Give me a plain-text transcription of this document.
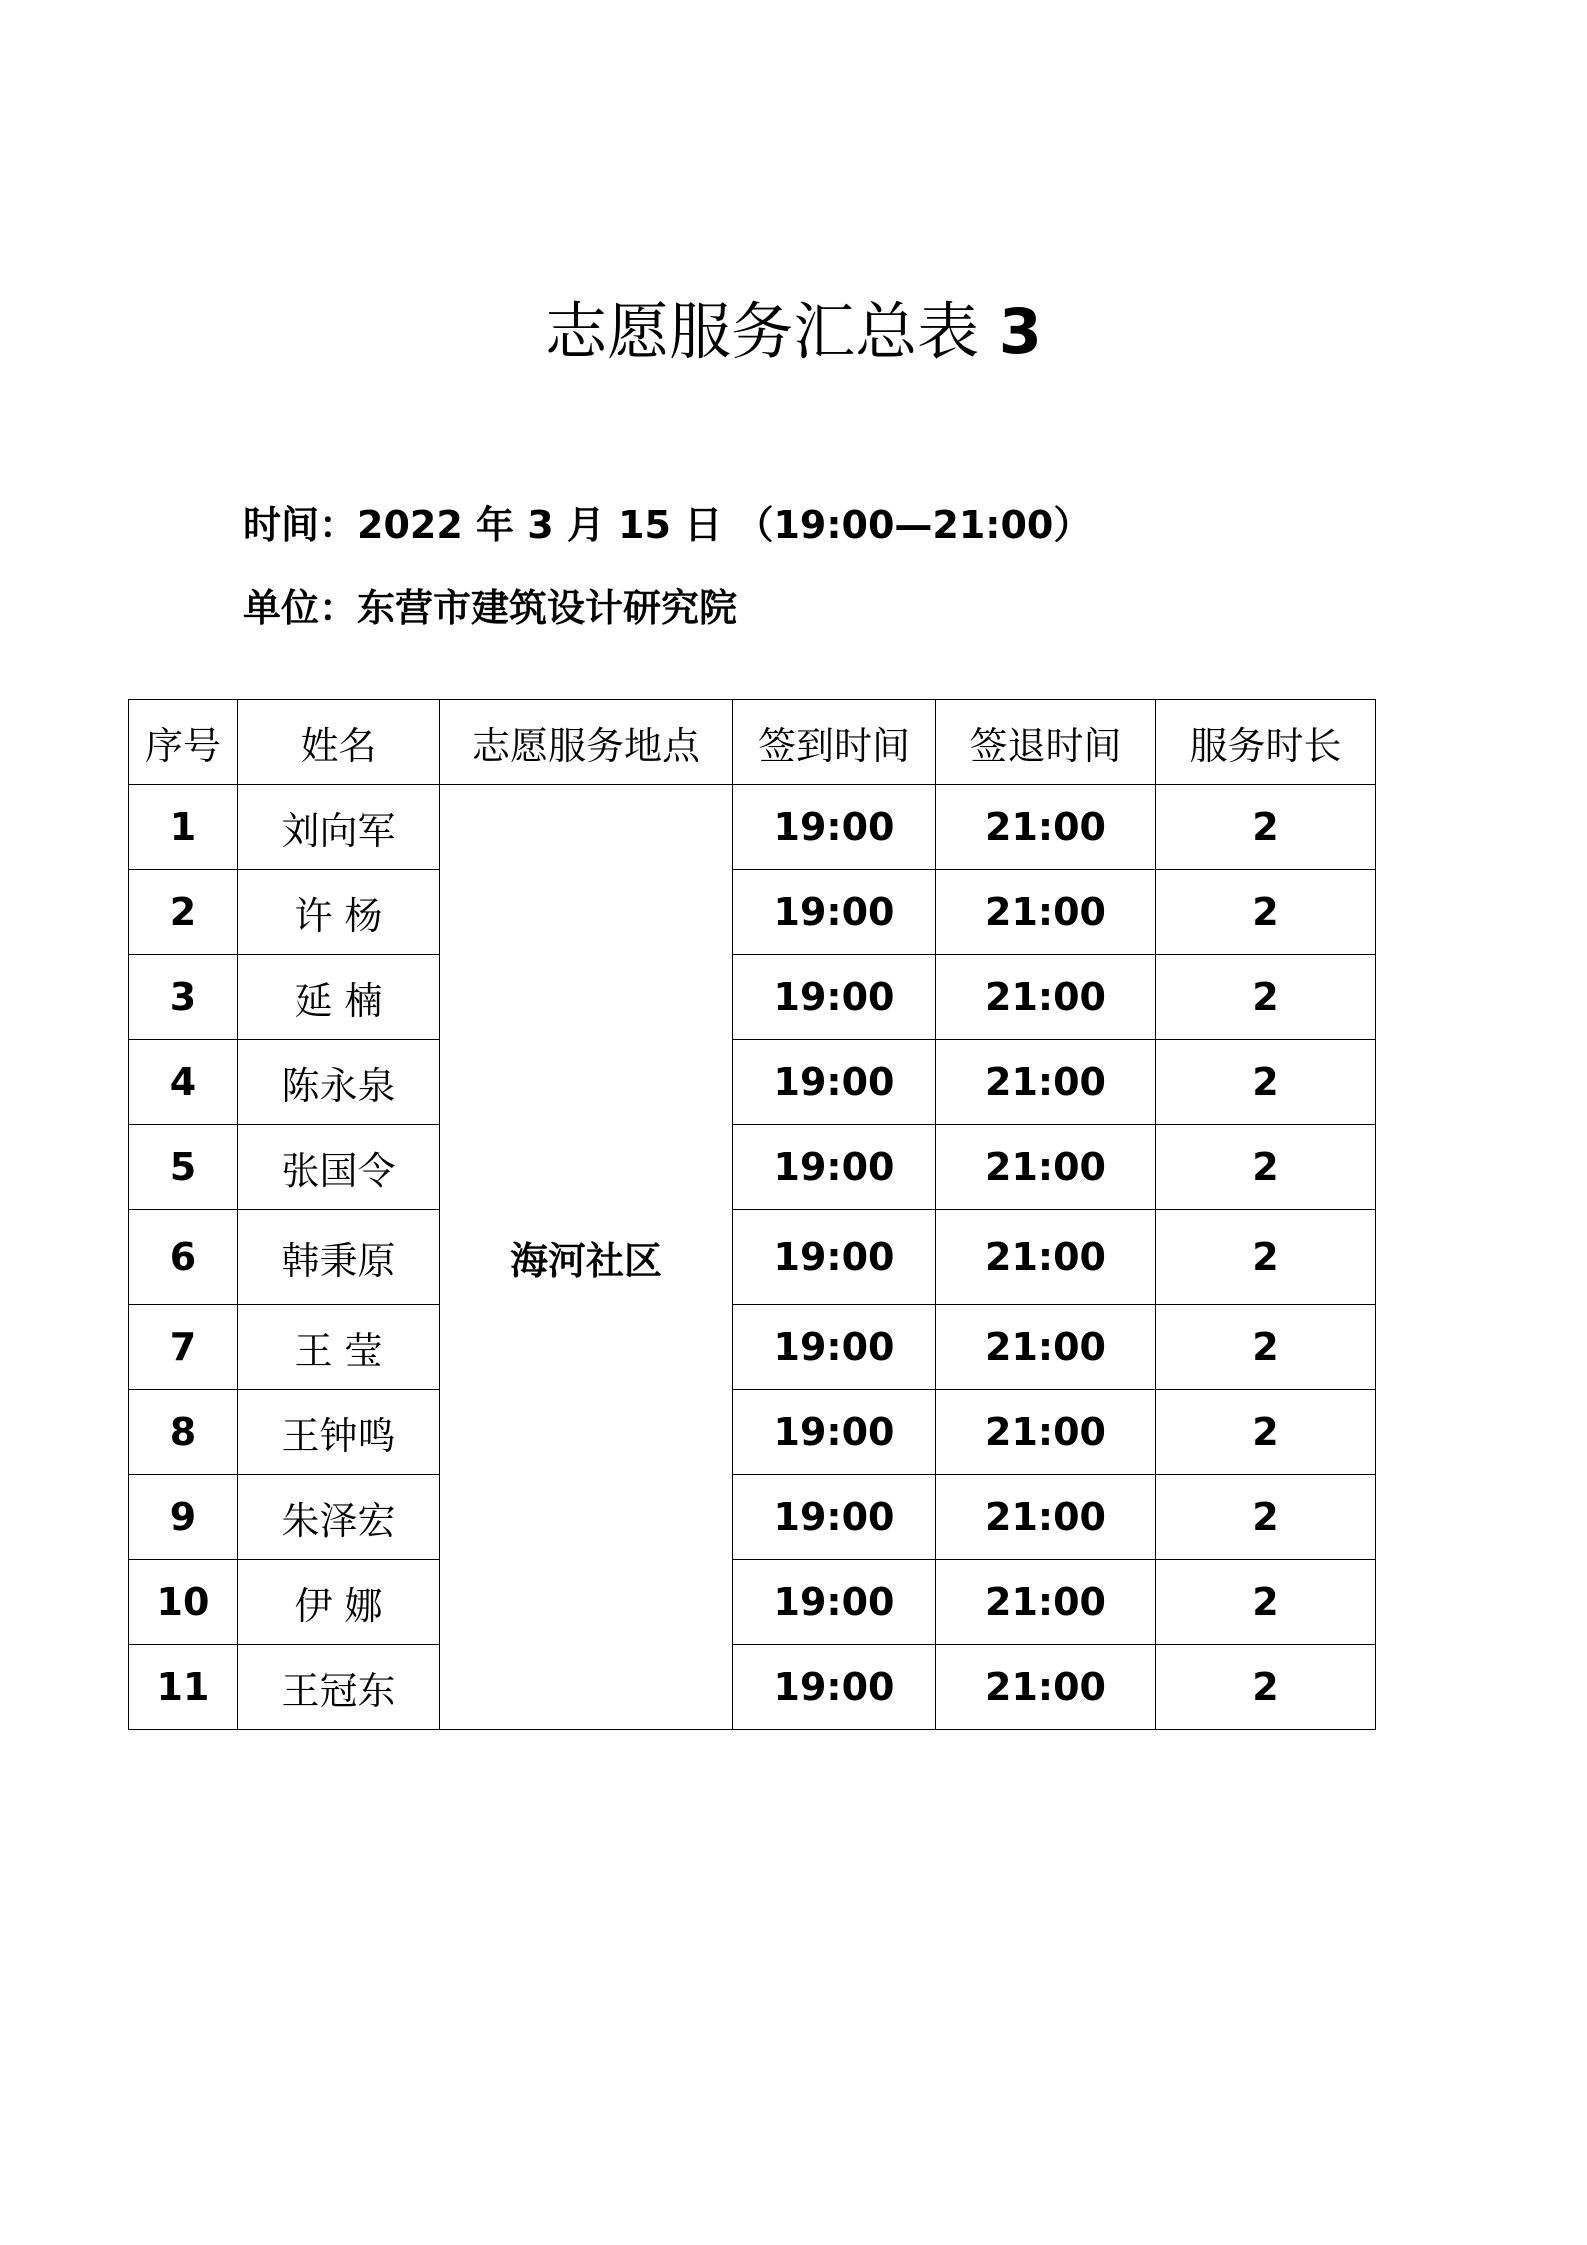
志愿服务汇总表 3
时间：2022 年 3 月 15 日 （19:00—21:00）
单位：东营市建筑设计研究院
序号	姓名	志愿服务地点	签到时间	签退时间	服务时长
1	刘向军	海河社区	19:00	21:00	2
2	许 杨		19:00	21:00	2
3	延 楠		19:00	21:00	2
4	陈永泉		19:00	21:00	2
5	张国令		19:00	21:00	2
6	韩秉原		19:00	21:00	2
7	王 莹		19:00	21:00	2
8	王钟鸣		19:00	21:00	2
9	朱泽宏		19:00	21:00	2
10	伊 娜		19:00	21:00	2
11	王冠东		19:00	21:00	2
